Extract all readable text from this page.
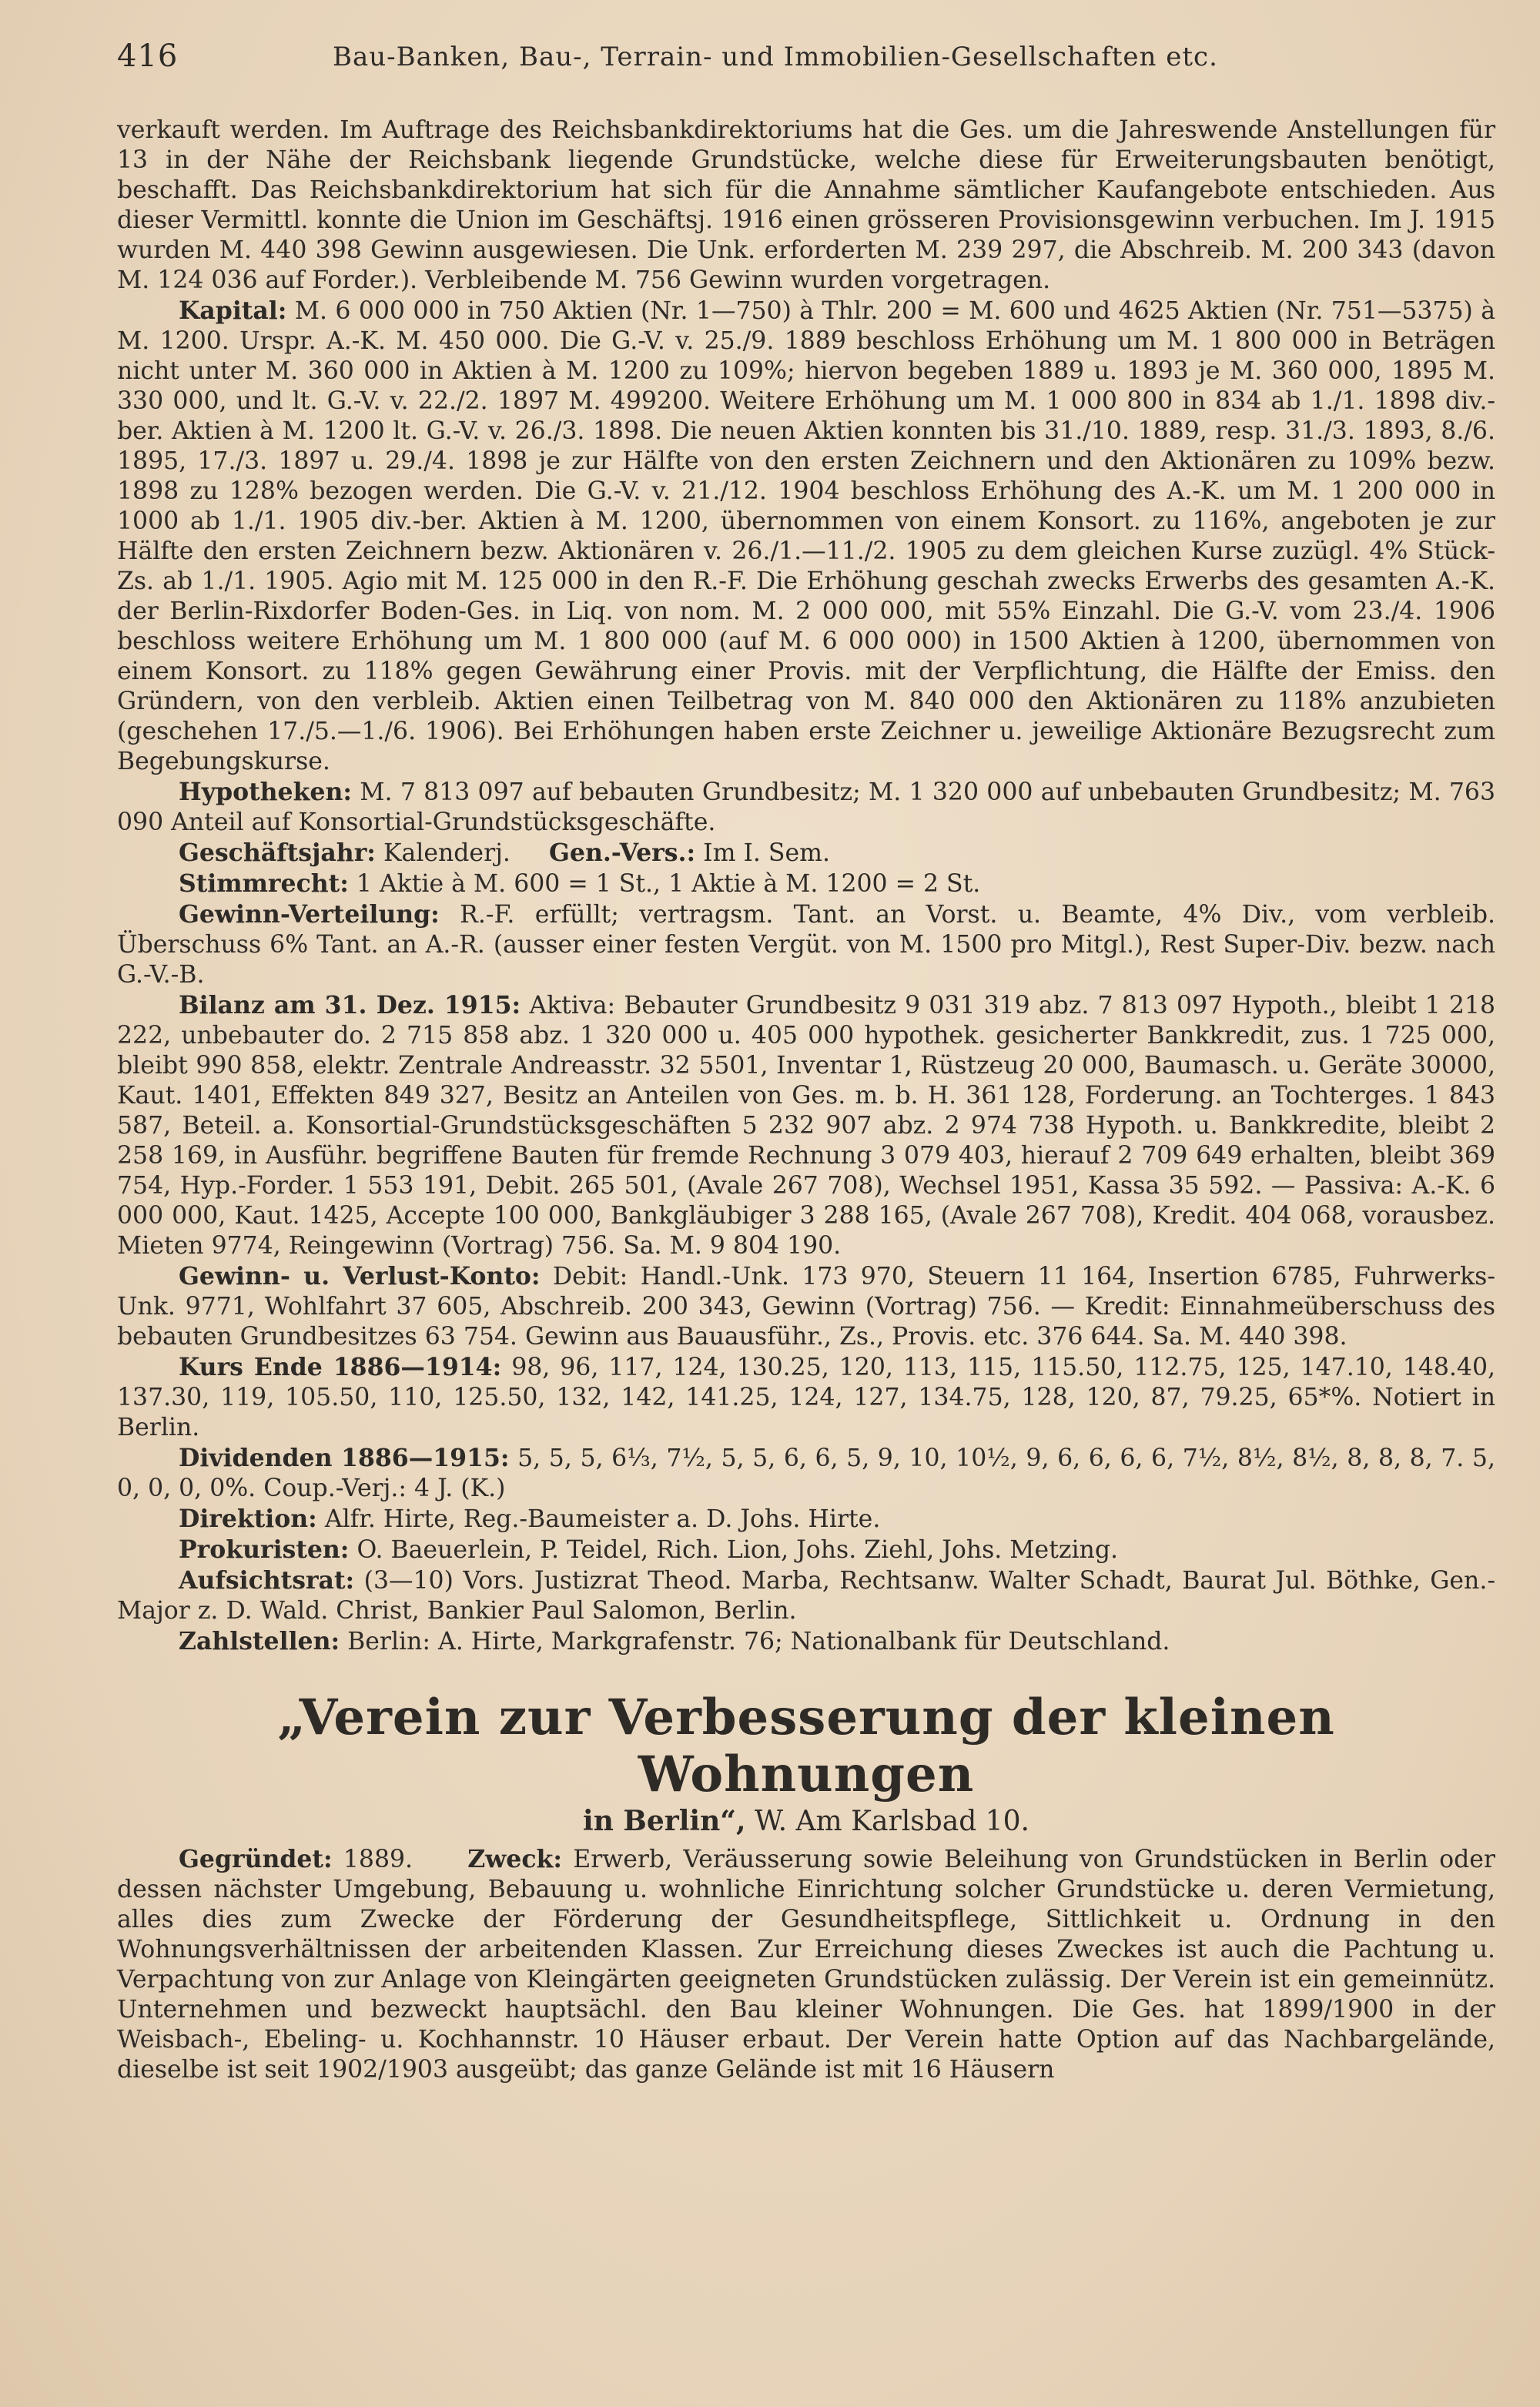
416	Bau-Banken, Bau-, Terrain- und Immobilien-Gesellschaften etc.

verkauft werden. Im Auftrage des Reichsbankdirektoriums hat die Ges. um die Jahreswende Anstellungen für 13 in der Nähe der Reichsbank liegende Grundstücke, welche diese für Erweiterungsbauten benötigt, beschafft. Das Reichsbankdirektorium hat sich für die Annahme sämtlicher Kaufangebote entschieden. Aus dieser Vermittl. konnte die Union im Geschäftsj. 1916 einen grösseren Provisionsgewinn verbuchen. Im J. 1915 wurden M. 440 398 Gewinn ausgewiesen. Die Unk. erforderten M. 239 297, die Abschreib. M. 200 343 (davon M. 124 036 auf Forder.). Verbleibende M. 756 Gewinn wurden vorgetragen.

Kapital: M. 6 000 000 in 750 Aktien (Nr. 1—750) à Thlr. 200 = M. 600 und 4625 Aktien (Nr. 751—5375) à M. 1200. Urspr. A.-K. M. 450 000. Die G.-V. v. 25./9. 1889 beschloss Erhöhung um M. 1 800 000 in Beträgen nicht unter M. 360 000 in Aktien à M. 1200 zu 109%; hiervon begeben 1889 u. 1893 je M. 360 000, 1895 M. 330 000, und lt. G.-V. v. 22./2. 1897 M. 499200. Weitere Erhöhung um M. 1 000 800 in 834 ab 1./1. 1898 div.-ber. Aktien à M. 1200 lt. G.-V. v. 26./3. 1898. Die neuen Aktien konnten bis 31./10. 1889, resp. 31./3. 1893, 8./6. 1895, 17./3. 1897 u. 29./4. 1898 je zur Hälfte von den ersten Zeichnern und den Aktionären zu 109% bezw. 1898 zu 128% bezogen werden. Die G.-V. v. 21./12. 1904 beschloss Erhöhung des A.-K. um M. 1 200 000 in 1000 ab 1./1. 1905 div.-ber. Aktien à M. 1200, übernommen von einem Konsort. zu 116%, angeboten je zur Hälfte den ersten Zeichnern bezw. Aktionären v. 26./1.—11./2. 1905 zu dem gleichen Kurse zuzügl. 4% Stück-Zs. ab 1./1. 1905. Agio mit M. 125 000 in den R.-F. Die Erhöhung geschah zwecks Erwerbs des gesamten A.-K. der Berlin-Rixdorfer Boden-Ges. in Liq. von nom. M. 2 000 000, mit 55% Einzahl. Die G.-V. vom 23./4. 1906 beschloss weitere Erhöhung um M. 1 800 000 (auf M. 6 000 000) in 1500 Aktien à 1200, übernommen von einem Konsort. zu 118% gegen Gewährung einer Provis. mit der Verpflichtung, die Hälfte der Emiss. den Gründern, von den verbleib. Aktien einen Teilbetrag von M. 840 000 den Aktionären zu 118% anzubieten (geschehen 17./5.—1./6. 1906). Bei Erhöhungen haben erste Zeichner u. jeweilige Aktionäre Bezugsrecht zum Begebungskurse.

Hypotheken: M. 7 813 097 auf bebauten Grundbesitz; M. 1 320 000 auf unbebauten Grundbesitz; M. 763 090 Anteil auf Konsortial-Grundstücksgeschäfte.

Geschäftsjahr: Kalenderj. Gen.-Vers.: Im I. Sem.

Stimmrecht: 1 Aktie à M. 600 = 1 St., 1 Aktie à M. 1200 = 2 St.

Gewinn-Verteilung: R.-F. erfüllt; vertragsm. Tant. an Vorst. u. Beamte, 4% Div., vom verbleib. Überschuss 6% Tant. an A.-R. (ausser einer festen Vergüt. von M. 1500 pro Mitgl.), Rest Super-Div. bezw. nach G.-V.-B.

Bilanz am 31. Dez. 1915: Aktiva: Bebauter Grundbesitz 9 031 319 abz. 7 813 097 Hypoth., bleibt 1 218 222, unbebauter do. 2 715 858 abz. 1 320 000 u. 405 000 hypothek. gesicherter Bankkredit, zus. 1 725 000, bleibt 990 858, elektr. Zentrale Andreasstr. 32 5501, Inventar 1, Rüstzeug 20 000, Baumasch. u. Geräte 30000, Kaut. 1401, Effekten 849 327, Besitz an Anteilen von Ges. m. b. H. 361 128, Forderung. an Tochterges. 1 843 587, Beteil. a. Konsortial-Grundstücksgeschäften 5 232 907 abz. 2 974 738 Hypoth. u. Bankkredite, bleibt 2 258 169, in Ausführ. begriffene Bauten für fremde Rechnung 3 079 403, hierauf 2 709 649 erhalten, bleibt 369 754, Hyp.-Forder. 1 553 191, Debit. 265 501, (Avale 267 708), Wechsel 1951, Kassa 35 592. — Passiva: A.-K. 6 000 000, Kaut. 1425, Accepte 100 000, Bankgläubiger 3 288 165, (Avale 267 708), Kredit. 404 068, vorausbez. Mieten 9774, Reingewinn (Vortrag) 756. Sa. M. 9 804 190.

Gewinn- u. Verlust-Konto: Debit: Handl.-Unk. 173 970, Steuern 11 164, Insertion 6785, Fuhrwerks-Unk. 9771, Wohlfahrt 37 605, Abschreib. 200 343, Gewinn (Vortrag) 756. — Kredit: Einnahmeüberschuss des bebauten Grundbesitzes 63 754. Gewinn aus Bauausführ., Zs., Provis. etc. 376 644. Sa. M. 440 398.

Kurs Ende 1886—1914: 98, 96, 117, 124, 130.25, 120, 113, 115, 115.50, 112.75, 125, 147.10, 148.40, 137.30, 119, 105.50, 110, 125.50, 132, 142, 141.25, 124, 127, 134.75, 128, 120, 87, 79.25, 65*%. Notiert in Berlin.

Dividenden 1886—1915: 5, 5, 5, 6⅓, 7½, 5, 5, 6, 6, 5, 9, 10, 10½, 9, 6, 6, 6, 6, 7½, 8½, 8½, 8, 8, 8, 7. 5, 0, 0, 0, 0%. Coup.-Verj.: 4 J. (K.)

Direktion: Alfr. Hirte, Reg.-Baumeister a. D. Johs. Hirte.

Prokuristen: O. Baeuerlein, P. Teidel, Rich. Lion, Johs. Ziehl, Johs. Metzing.

Aufsichtsrat: (3—10) Vors. Justizrat Theod. Marba, Rechtsanw. Walter Schadt, Baurat Jul. Böthke, Gen.-Major z. D. Wald. Christ, Bankier Paul Salomon, Berlin.

Zahlstellen: Berlin: A. Hirte, Markgrafenstr. 76; Nationalbank für Deutschland.

„Verein zur Verbesserung der kleinen Wohnungen
in Berlin“, W. Am Karlsbad 10.

Gegründet: 1889. Zweck: Erwerb, Veräusserung sowie Beleihung von Grundstücken in Berlin oder dessen nächster Umgebung, Bebauung u. wohnliche Einrichtung solcher Grundstücke u. deren Vermietung, alles dies zum Zwecke der Förderung der Gesundheitspflege, Sittlichkeit u. Ordnung in den Wohnungsverhältnissen der arbeitenden Klassen. Zur Erreichung dieses Zweckes ist auch die Pachtung u. Verpachtung von zur Anlage von Kleingärten geeigneten Grundstücken zulässig. Der Verein ist ein gemeinnütz. Unternehmen und bezweckt hauptsächl. den Bau kleiner Wohnungen. Die Ges. hat 1899/1900 in der Weisbach-, Ebeling- u. Kochhannstr. 10 Häuser erbaut. Der Verein hatte Option auf das Nachbargelände, dieselbe ist seit 1902/1903 ausgeübt; das ganze Gelände ist mit 16 Häusern
